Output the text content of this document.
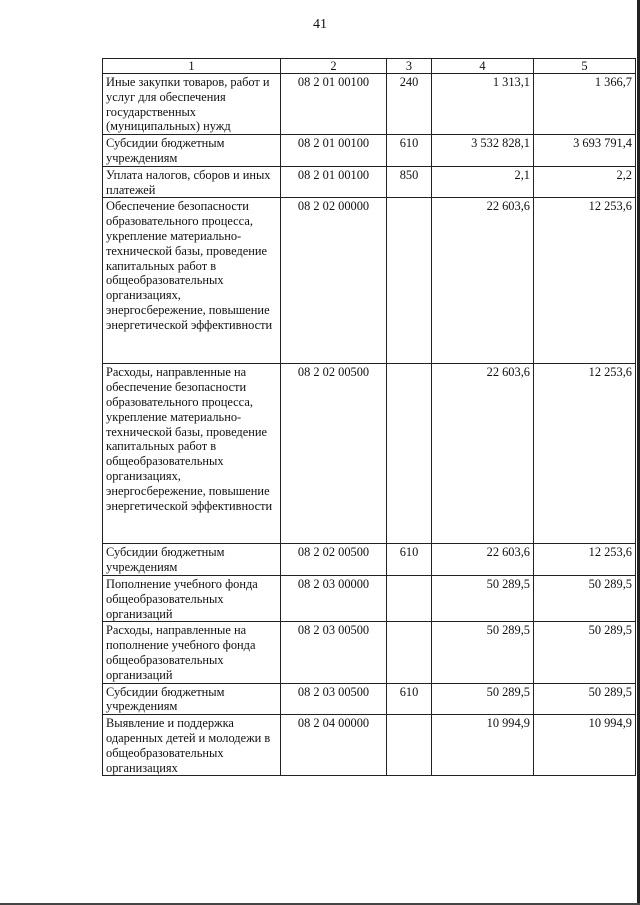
41
1	2	3	4	5
Иные закупки товаров, работ и услуг для обеспечения государственных (муниципальных) нужд	08 2 01 00100	240	1 313,1	1 366,7
Субсидии бюджетным учреждениям	08 2 01 00100	610	3 532 828,1	3 693 791,4
Уплата налогов, сборов и иных платежей	08 2 01 00100	850	2,1	2,2
Обеспечение безопасности образовательного процесса, укрепление материально-технической базы, проведение капитальных работ в общеобразовательных организациях, энергосбережение, повышение энергетической эффективности	08 2 02 00000		22 603,6	12 253,6
Расходы, направленные на обеспечение безопасности образовательного процесса, укрепление материально-технической базы, проведение капитальных работ в общеобразовательных организациях, энергосбережение, повышение энергетической эффективности	08 2 02 00500		22 603,6	12 253,6
Субсидии бюджетным учреждениям	08 2 02 00500	610	22 603,6	12 253,6
Пополнение учебного фонда общеобразовательных организаций	08 2 03 00000		50 289,5	50 289,5
Расходы, направленные на пополнение учебного фонда общеобразовательных организаций	08 2 03 00500		50 289,5	50 289,5
Субсидии бюджетным учреждениям	08 2 03 00500	610	50 289,5	50 289,5
Выявление и поддержка одаренных детей и молодежи в общеобразовательных организациях	08 2 04 00000		10 994,9	10 994,9
